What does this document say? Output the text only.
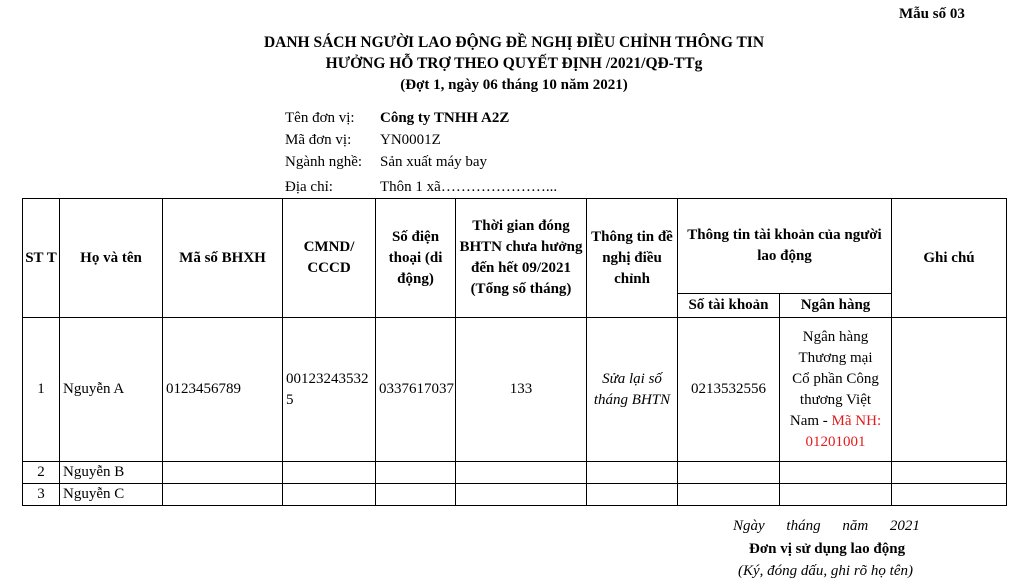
Mẫu số 03
DANH SÁCH NGƯỜI LAO ĐỘNG ĐỀ NGHỊ ĐIỀU CHỈNH THÔNG TIN
HƯỞNG HỖ TRỢ THEO QUYẾT ĐỊNH /2021/QĐ-TTg
(Đợt 1, ngày 06 tháng 10 năm 2021)
Tên đơn vị: Công ty TNHH A2Z
Mã đơn vị: YN0001Z
Ngành nghề: Sản xuất máy bay
Địa chỉ:	Thôn 1 xã…………………...
ST T	Họ và tên	Mã số BHXH	CMND/ CCCD	Số điện thoại (di động)	Thời gian đóng BHTN chưa hưởng đến hết 09/2021 (Tổng số tháng)	Thông tin đề nghị điều chỉnh	Thông tin tài khoản của người lao động		Ghi chú
							Số tài khoản	Ngân hàng	
1	Nguyễn A	0123456789	001232435325	0337617037	133	Sửa lại số tháng BHTN	0213532556	Ngân hàng Thương mại Cổ phần Công thương Việt Nam - Mã NH: 01201001	
2	Nguyễn B								
3	Nguyễn C								
Ngày tháng năm 2021
Đơn vị sử dụng lao động
(Ký, đóng dấu, ghi rõ họ tên)
